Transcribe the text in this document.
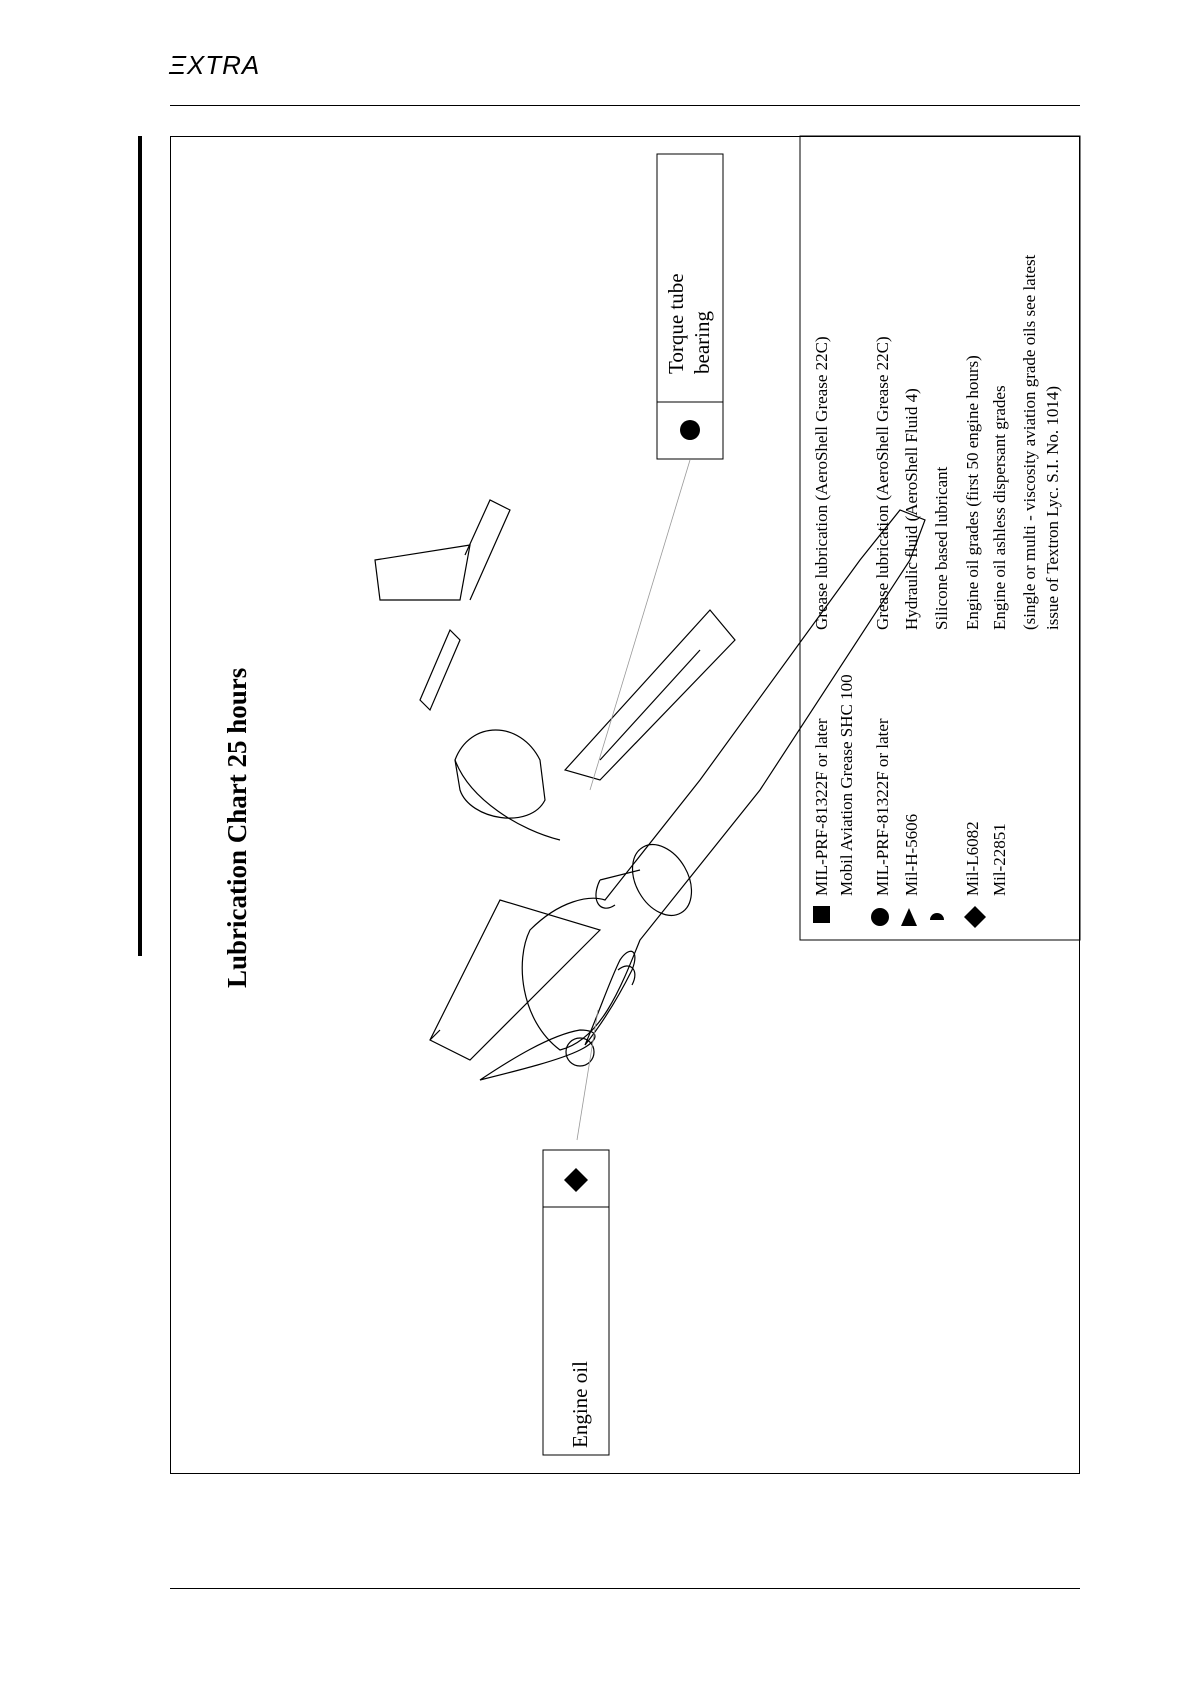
ΞXTRA
Lubrication Chart 25 hours
Engine oil
Torque tube bearing
MIL-PRF-81322F or later Mobil Aviation Grease SHC 100 MIL-PRF-81322F or later Mil-H-5606 Mil-L6082 Mil-22851
Grease lubrication (AeroShell Grease 22C) Grease lubrication (AeroShell Grease 22C) Hydraulic fluid (AeroShell Fluid 4) Silicone based lubricant Engine oil grades (first 50 engine hours) Engine oil ashless dispersant grades (single or multi - viscosity aviation grade oils see latest issue of Textron Lyc. S.I. No. 1014)
